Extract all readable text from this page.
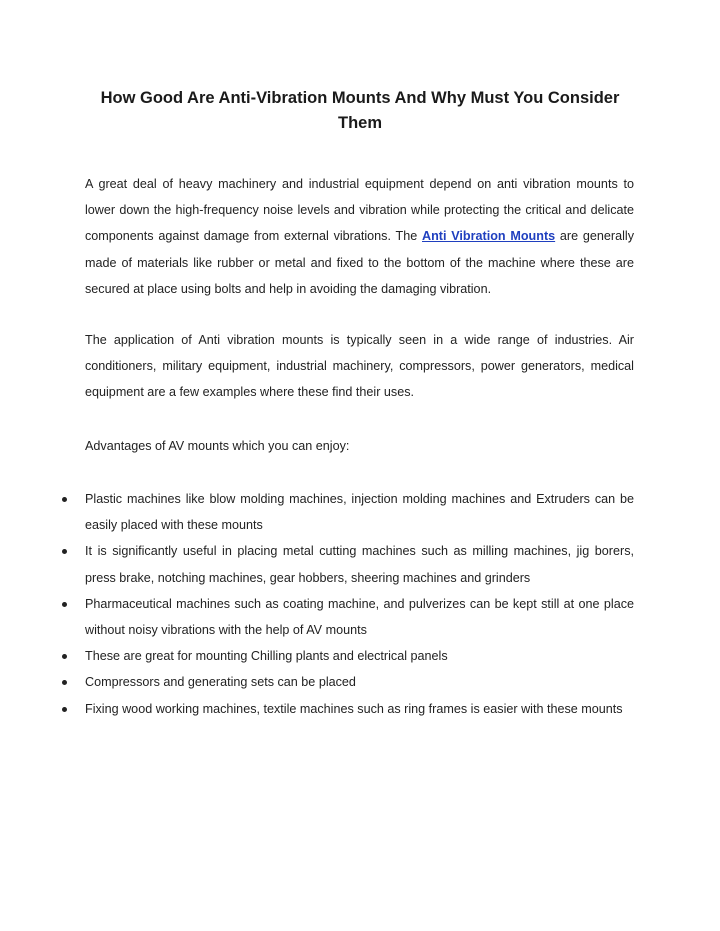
How Good Are Anti-Vibration Mounts And Why Must You Consider Them

A great deal of heavy machinery and industrial equipment depend on anti vibration mounts to lower down the high-frequency noise levels and vibration while protecting the critical and delicate components against damage from external vibrations. The Anti Vibration Mounts are generally made of materials like rubber or metal and fixed to the bottom of the machine where these are secured at place using bolts and help in avoiding the damaging vibration.

The application of Anti vibration mounts is typically seen in a wide range of industries. Air conditioners, military equipment, industrial machinery, compressors, power generators, medical equipment are a few examples where these find their uses.

Advantages of AV mounts which you can enjoy:

Plastic machines like blow molding machines, injection molding machines and Extruders can be easily placed with these mounts
It is significantly useful in placing metal cutting machines such as milling machines, jig borers, press brake, notching machines, gear hobbers, sheering machines and grinders
Pharmaceutical machines such as coating machine, and pulverizes can be kept still at one place without noisy vibrations with the help of AV mounts
These are great for mounting Chilling plants and electrical panels
Compressors and generating sets can be placed
Fixing wood working machines, textile machines such as ring frames is easier with these mounts
